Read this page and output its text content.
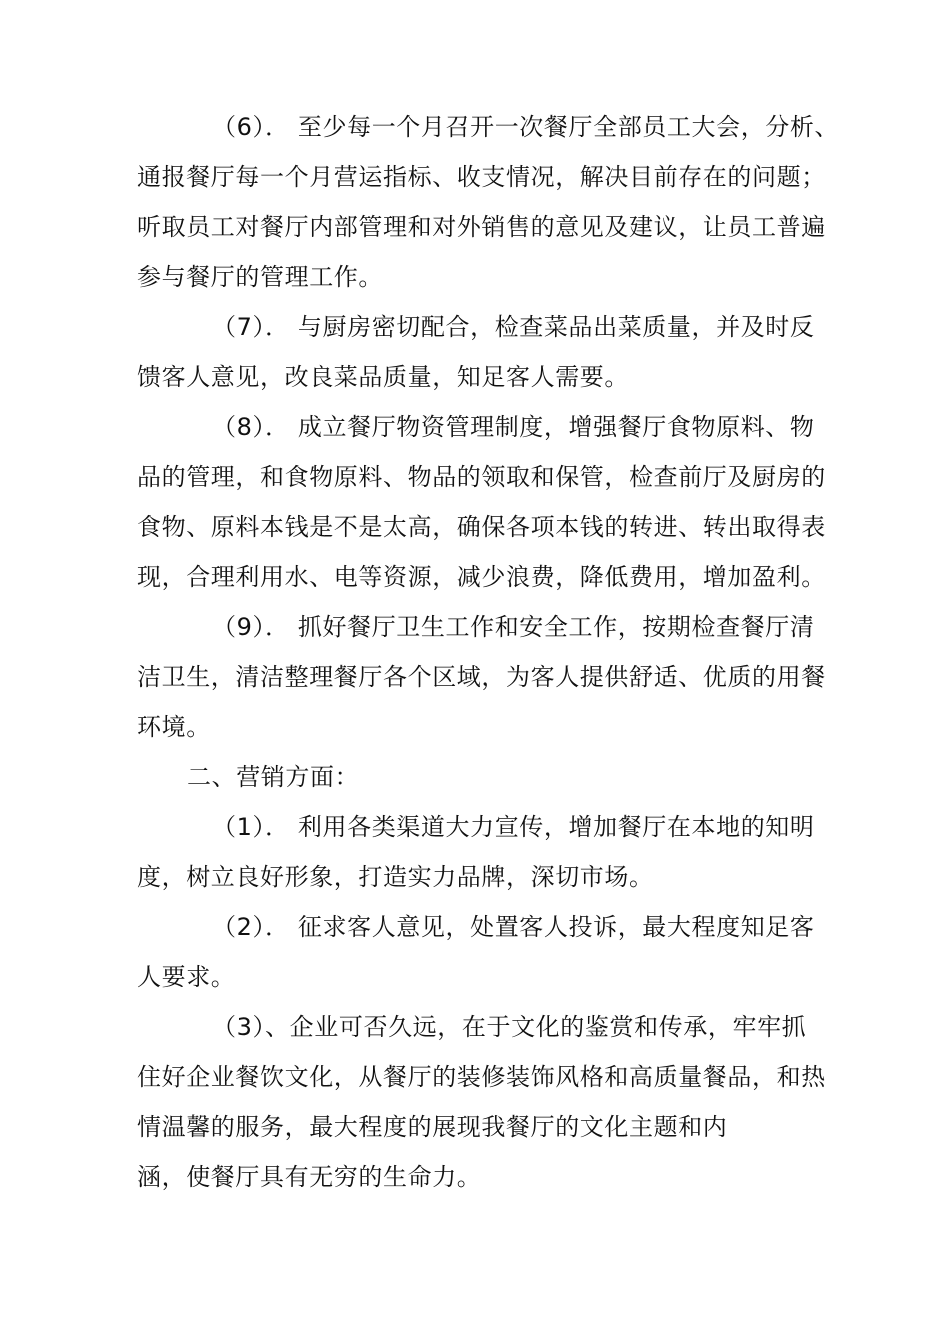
（6）． 至少每一个月召开一次餐厅全部员工大会，分析、
通报餐厅每一个月营运指标、收支情况，解决目前存在的问题；
听取员工对餐厅内部管理和对外销售的意见及建议，让员工普遍
参与餐厅的管理工作。
（7）． 与厨房密切配合，检查菜品出菜质量，并及时反
馈客人意见，改良菜品质量，知足客人需要。
（8）． 成立餐厅物资管理制度，增强餐厅食物原料、物
品的管理，和食物原料、物品的领取和保管，检查前厅及厨房的
食物、原料本钱是不是太高，确保各项本钱的转进、转出取得表
现，合理利用水、电等资源，减少浪费，降低费用，增加盈利。
（9）． 抓好餐厅卫生工作和安全工作，按期检查餐厅清
洁卫生，清洁整理餐厅各个区域，为客人提供舒适、优质的用餐
环境。
二、营销方面：
（1）． 利用各类渠道大力宣传，增加餐厅在本地的知明
度，树立良好形象，打造实力品牌，深切市场。
（2）． 征求客人意见，处置客人投诉，最大程度知足客
人要求。
（3）、企业可否久远，在于文化的鉴赏和传承，牢牢抓
住好企业餐饮文化，从餐厅的装修装饰风格和高质量餐品，和热
情温馨的服务，最大程度的展现我餐厅的文化主题和内
涵，使餐厅具有无穷的生命力。
